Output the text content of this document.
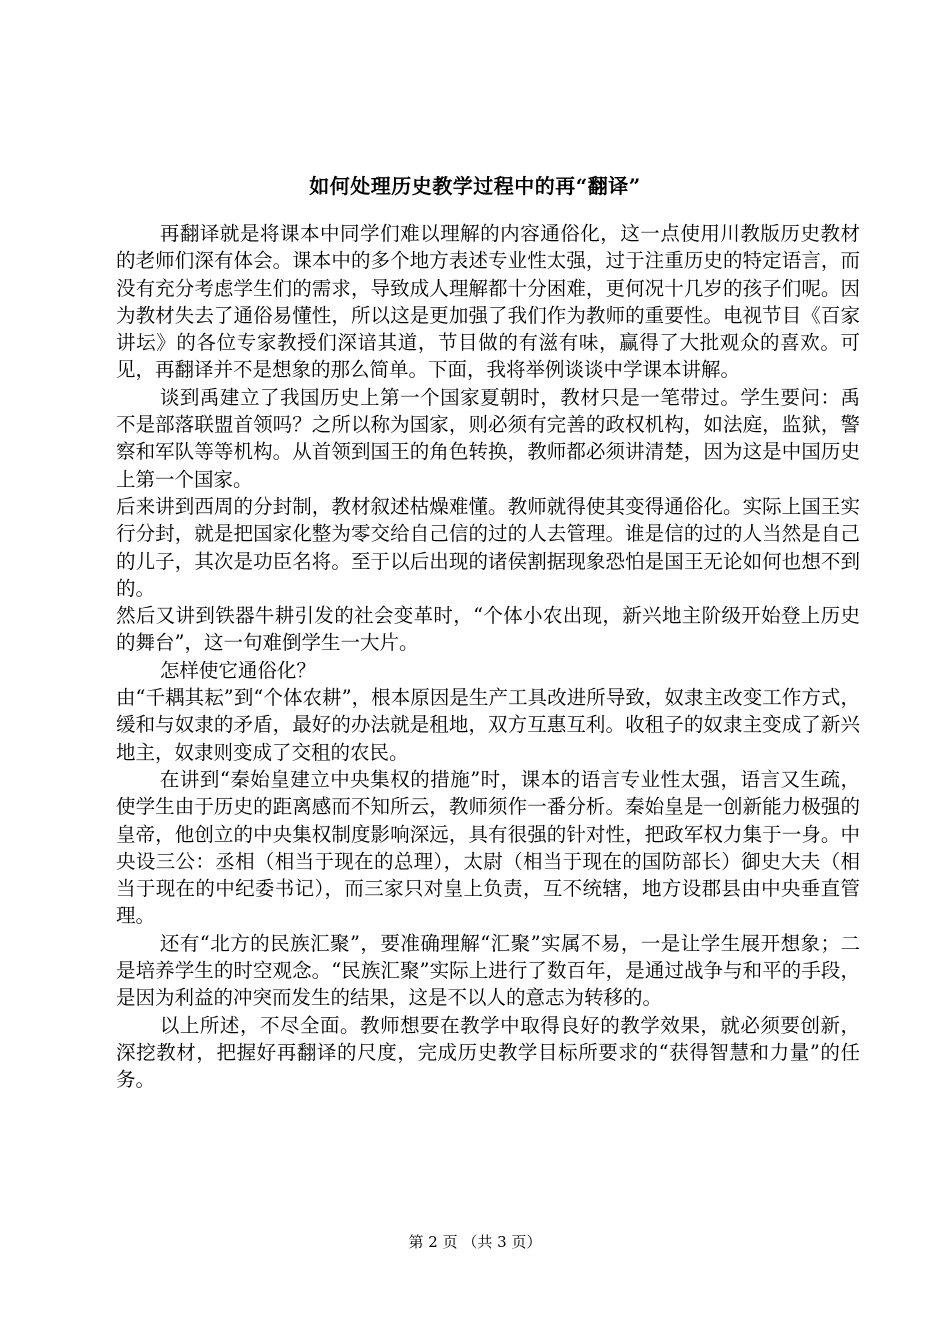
如何处理历史教学过程中的再“翻译”

再翻译就是将课本中同学们难以理解的内容通俗化，这一点使用川教版历史教材的老师们深有体会。课本中的多个地方表述专业性太强，过于注重历史的特定语言，而没有充分考虑学生们的需求，导致成人理解都十分困难，更何况十几岁的孩子们呢。因为教材失去了通俗易懂性，所以这是更加强了我们作为教师的重要性。电视节目《百家讲坛》的各位专家教授们深谙其道，节目做的有滋有味，赢得了大批观众的喜欢。可见，再翻译并不是想象的那么简单。下面，我将举例谈谈中学课本讲解。

谈到禹建立了我国历史上第一个国家夏朝时，教材只是一笔带过。学生要问：禹不是部落联盟首领吗？之所以称为国家，则必须有完善的政权机构，如法庭，监狱，警察和军队等等机构。从首领到国王的角色转换，教师都必须讲清楚，因为这是中国历史上第一个国家。

后来讲到西周的分封制，教材叙述枯燥难懂。教师就得使其变得通俗化。实际上国王实行分封，就是把国家化整为零交给自己信的过的人去管理。谁是信的过的人当然是自己的儿子，其次是功臣名将。至于以后出现的诸侯割据现象恐怕是国王无论如何也想不到的。

然后又讲到铁器牛耕引发的社会变革时，“个体小农出现，新兴地主阶级开始登上历史的舞台”，这一句难倒学生一大片。

怎样使它通俗化？

由“千耦其耘”到“个体农耕”，根本原因是生产工具改进所导致，奴隶主改变工作方式，缓和与奴隶的矛盾，最好的办法就是租地，双方互惠互利。收租子的奴隶主变成了新兴地主，奴隶则变成了交租的农民。

在讲到“秦始皇建立中央集权的措施”时，课本的语言专业性太强，语言又生疏，使学生由于历史的距离感而不知所云，教师须作一番分析。秦始皇是一创新能力极强的皇帝，他创立的中央集权制度影响深远，具有很强的针对性，把政军权力集于一身。中央设三公：丞相（相当于现在的总理），太尉（相当于现在的国防部长）御史大夫（相当于现在的中纪委书记），而三家只对皇上负责，互不统辖，地方设郡县由中央垂直管理。

还有“北方的民族汇聚”，要准确理解“汇聚”实属不易，一是让学生展开想象；二是培养学生的时空观念。“民族汇聚”实际上进行了数百年，是通过战争与和平的手段，是因为利益的冲突而发生的结果，这是不以人的意志为转移的。

以上所述，不尽全面。教师想要在教学中取得良好的教学效果，就必须要创新，深挖教材，把握好再翻译的尺度，完成历史教学目标所要求的“获得智慧和力量”的任务。

第 2 页 （共 3 页）
